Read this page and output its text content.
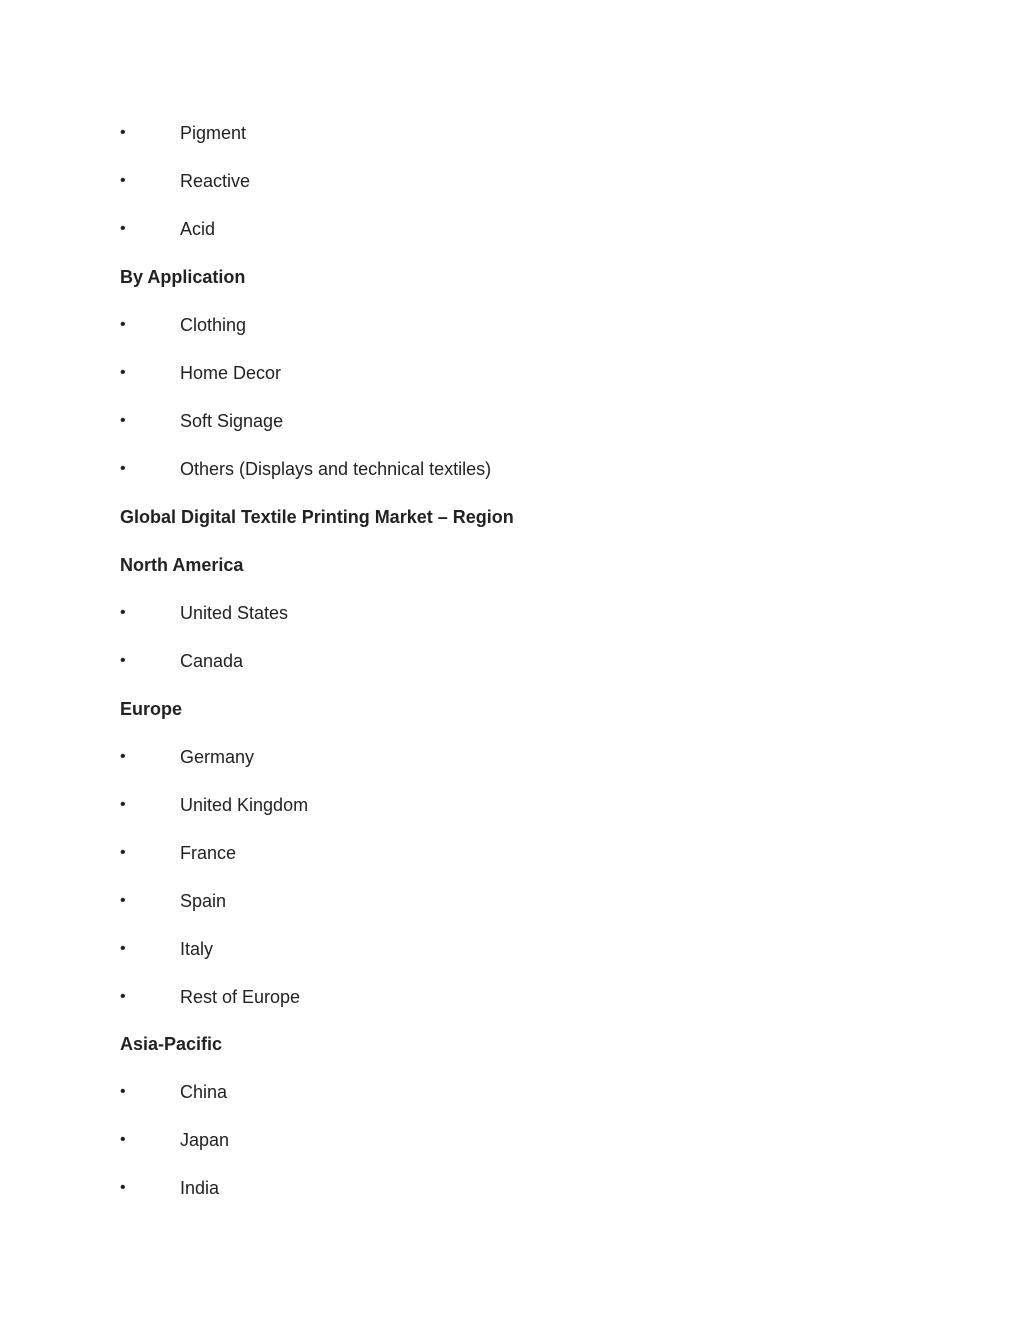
•	Pigment
•	Reactive
•	Acid
By Application
•	Clothing
•	Home Decor
•	Soft Signage
•	Others (Displays and technical textiles)
Global Digital Textile Printing Market – Region
North America
•	United States
•	Canada
Europe
•	Germany
•	United Kingdom
•	France
•	Spain
•	Italy
•	Rest of Europe
Asia-Pacific
•	China
•	Japan
•	India
